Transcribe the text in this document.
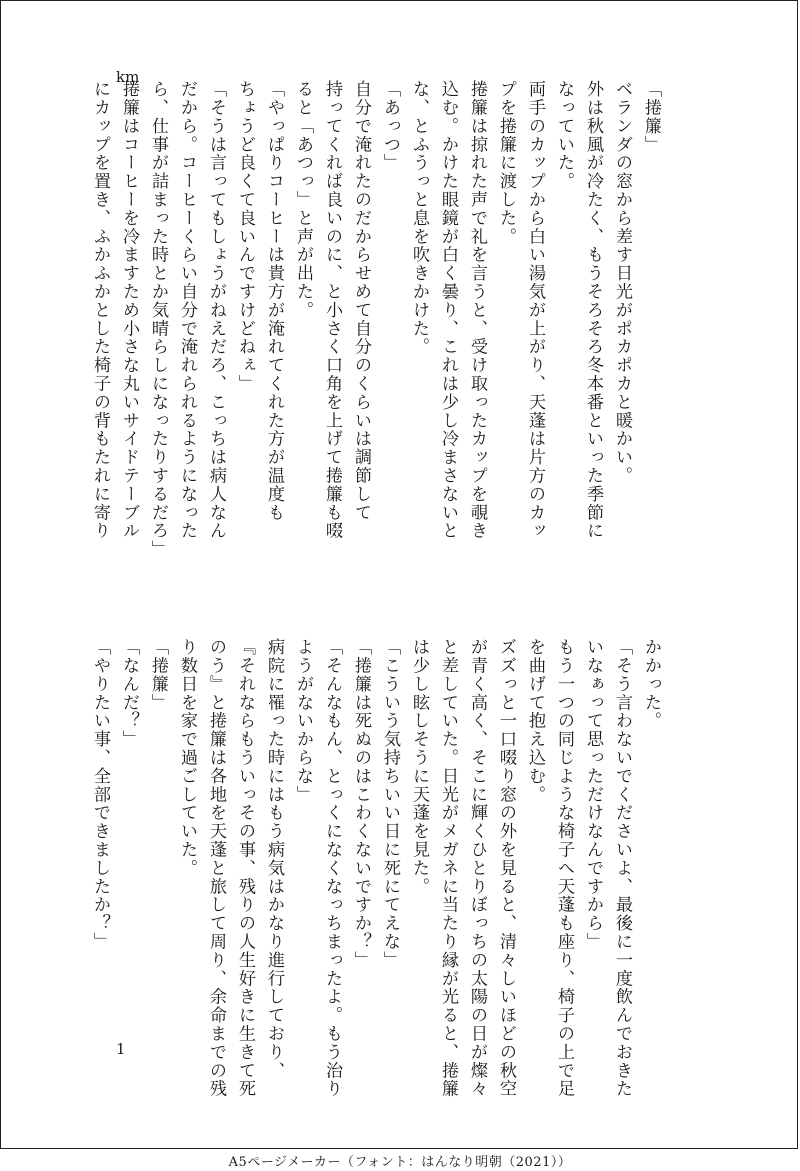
km
「捲簾」
ベランダの窓から差す日光がポカポカと暖かい。
外は秋風が冷たく、もうそろそろ冬本番といった季節に
なっていた。
両手のカップから白い湯気が上がり、天蓬は片方のカッ
プを捲簾に渡した。
捲簾は掠れた声で礼を言うと、受け取ったカップを覗き
込む。かけた眼鏡が白く曇り、これは少し冷まさないと
な、とふうっと息を吹きかけた。
「あっつ」
自分で淹れたのだからせめて自分のくらいは調節して
持ってくれば良いのに、と小さく口角を上げて捲簾も啜
ると「あつっ」と声が出た。
「やっぱりコーヒーは貴方が淹れてくれた方が温度も
ちょうど良くて良いんですけどねぇ」
「そうは言ってもしょうがねえだろ、こっちは病人なん
だから。コーヒーくらい自分で淹れられるようになった
ら、仕事が詰まった時とか気晴らしになったりするだろ」
捲簾はコーヒーを冷ますため小さな丸いサイドテーブル
にカップを置き、ふかふかとした椅子の背もたれに寄り
かかった。
「そう言わないでくださいよ、最後に一度飲んでおきた
いなぁって思っただけなんですから」
もう一つの同じような椅子へ天蓬も座り、椅子の上で足
を曲げて抱え込む。
ズズっと一口啜り窓の外を見ると、清々しいほどの秋空
が青く高く、そこに輝くひとりぼっちの太陽の日が燦々
と差していた。日光がメガネに当たり縁が光ると、捲簾
は少し眩しそうに天蓬を見た。
「こういう気持ちいい日に死にてえな」
「捲簾は死ぬのはこわくないですか？」
「そんなもん、とっくになくなっちまったよ。もう治り
ようがないからな」
病院に罹った時にはもう病気はかなり進行しており、
『それならもういっその事、残りの人生好きに生きて死
のう』と捲簾は各地を天蓬と旅して周り、余命までの残
り数日を家で過ごしていた。
「捲簾」
「なんだ？」
「やりたい事、全部できましたか？」
1
A5ページメーカー（フォント：はんなり明朝（2021））
